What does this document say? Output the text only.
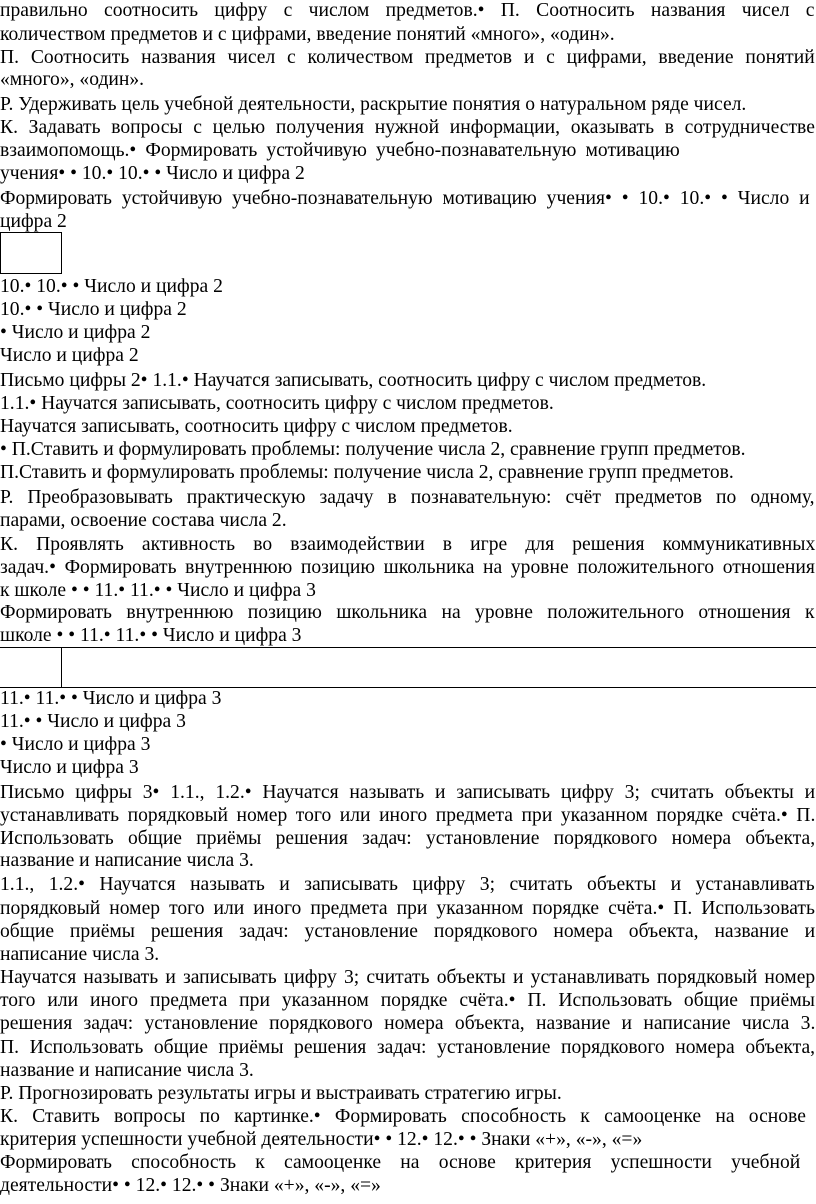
правильно соотносить цифру с числом предметов.• П. Соотносить названия чисел с
количеством предметов и с цифрами, введение понятий «много», «один».
П. Соотносить названия чисел с количеством предметов и с цифрами, введение понятий
«много», «один».
Р. Удерживать цель учебной деятельности, раскрытие понятия о натуральном ряде чисел.
К. Задавать вопросы с целью получения нужной информации, оказывать в сотрудничестве
взаимопомощь.• Формировать устойчивую учебно-познавательную мотивацию
учения• • 10.• 10.• • Число и цифра 2
Формировать устойчивую учебно-познавательную мотивацию учения• • 10.• 10.• • Число и
цифра 2
10.• 10.• • Число и цифра 2
10.• • Число и цифра 2
• Число и цифра 2
Число и цифра 2
Письмо цифры 2• 1.1.• Научатся записывать, соотносить цифру с числом предметов.
1.1.• Научатся записывать, соотносить цифру с числом предметов.
Научатся записывать, соотносить цифру с числом предметов.
• П.Ставить и формулировать проблемы: получение числа 2, сравнение групп предметов.
П.Ставить и формулировать проблемы: получение числа 2, сравнение групп предметов.
Р. Преобразовывать практическую задачу в познавательную: счёт предметов по одному,
парами, освоение состава числа 2.
К. Проявлять активность во взаимодействии в игре для решения коммуникативных
задач.• Формировать внутреннюю позицию школьника на уровне положительного отношения
к школе • • 11.• 11.• • Число и цифра 3
Формировать внутреннюю позицию школьника на уровне положительного отношения к
школе • • 11.• 11.• • Число и цифра 3
11.• 11.• • Число и цифра 3
11.• • Число и цифра 3
• Число и цифра 3
Число и цифра 3
Письмо цифры 3• 1.1., 1.2.• Научатся называть и записывать цифру 3; считать объекты и
устанавливать порядковый номер того или иного предмета при указанном порядке счёта.• П.
Использовать общие приёмы решения задач: установление порядкового номера объекта,
название и написание числа 3.
1.1., 1.2.• Научатся называть и записывать цифру 3; считать объекты и устанавливать
порядковый номер того или иного предмета при указанном порядке счёта.• П. Использовать
общие приёмы решения задач: установление порядкового номера объекта, название и
написание числа 3.
Научатся называть и записывать цифру 3; считать объекты и устанавливать порядковый номер
того или иного предмета при указанном порядке счёта.• П. Использовать общие приёмы
решения задач: установление порядкового номера объекта, название и написание числа 3.
П. Использовать общие приёмы решения задач: установление порядкового номера объекта,
название и написание числа 3.
Р. Прогнозировать результаты игры и выстраивать стратегию игры.
К. Ставить вопросы по картинке.• Формировать способность к самооценке на основе
критерия успешности учебной деятельности• • 12.• 12.• • Знаки «+», «-», «=»
Формировать способность к самооценке на основе критерия успешности учебной
деятельности• • 12.• 12.• • Знаки «+», «-», «=»
